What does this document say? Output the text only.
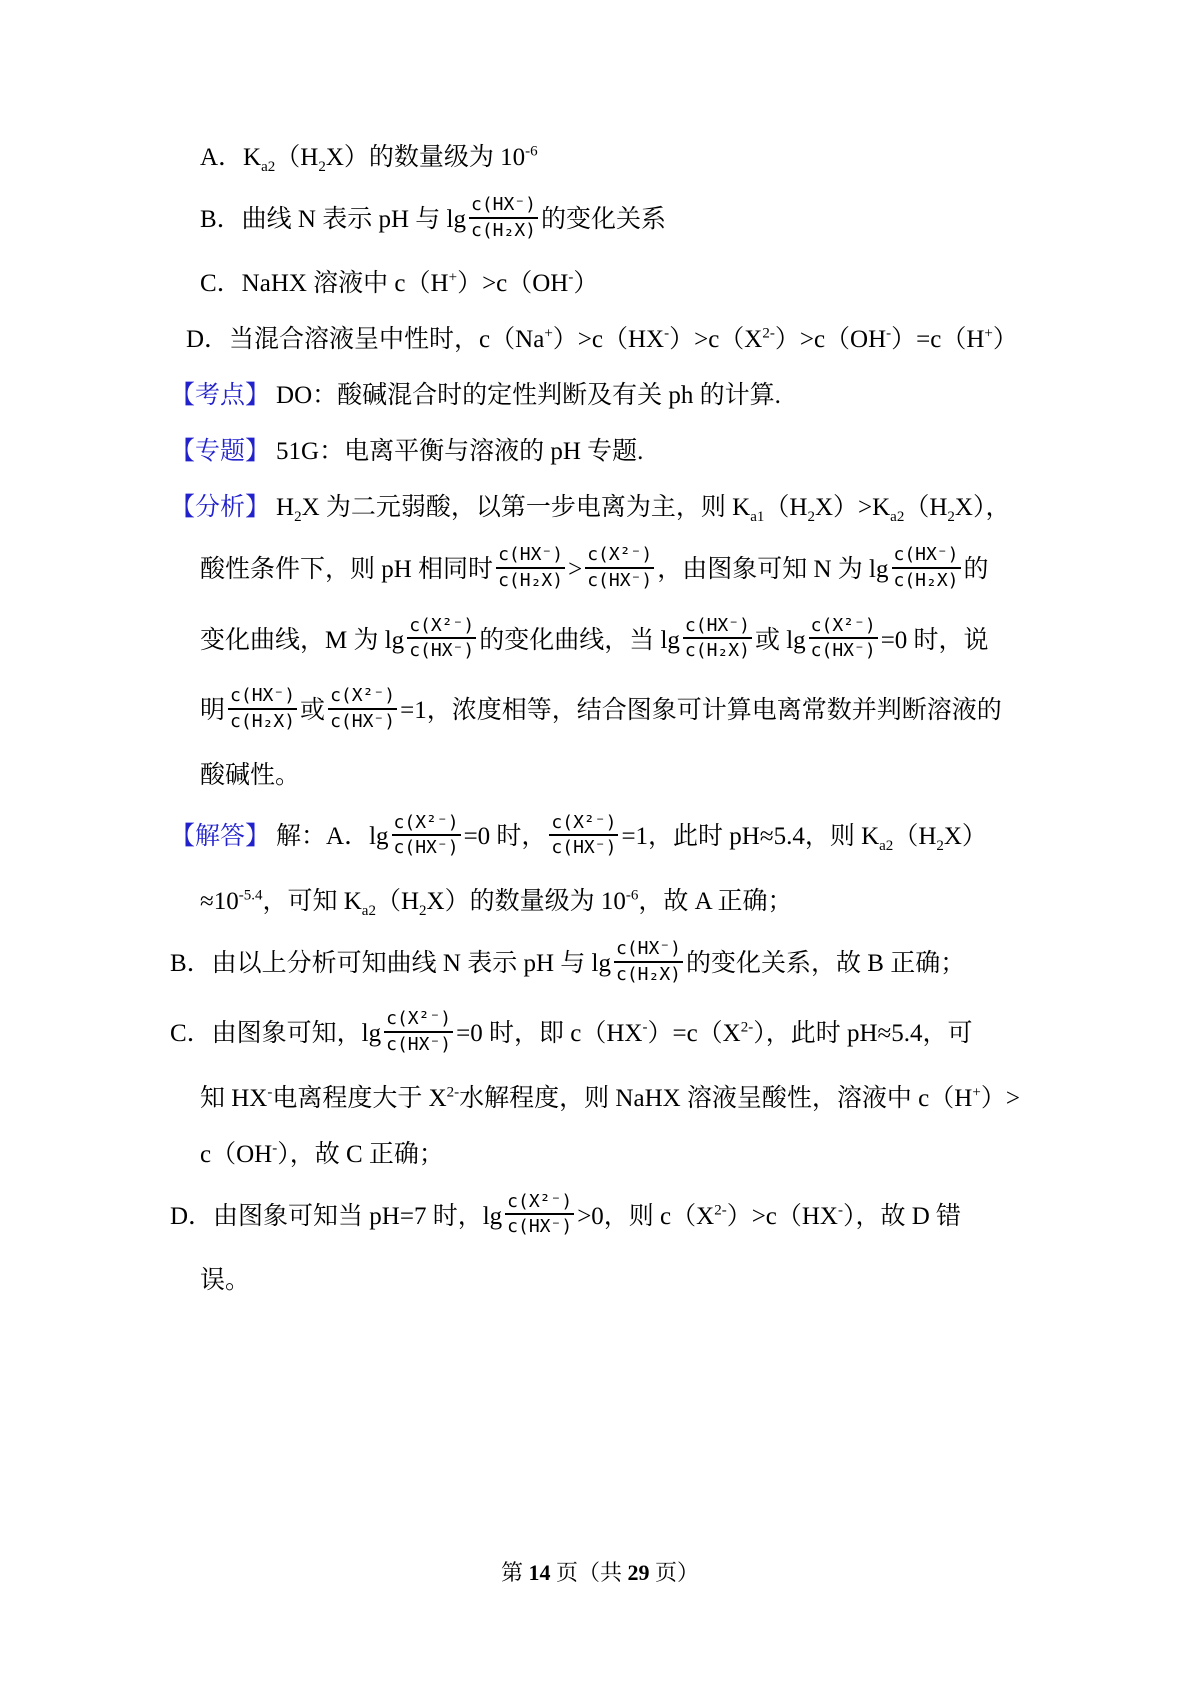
A．$K_{a2}(H_2X)$的数量级为 $10^{-6}$

B．曲线 N 表示 pH 与 $\lg \frac{c(HX^-)}{\text{c(H₂X)}}$ 的变化关系

C．NaHX 溶液中 c（H+）>c（OH-）

D．当混合溶液呈中性时，$c(Na^+)>c(HX^-)>c(X^{2-})>c(OH^-)=c(H^+)$

【考点】 DO：酸碱混合时的定性判断及有关 ph 的计算.

【专题】 51G：电离平衡与溶液的 pH 专题.

【分析】 $H_2X$ 为二元弱酸，以第一步电离为主，则 $K_{a1}(H_2X)>K_{a2}(H_2X)$，

酸性条件下，则 pH 相同时 $\frac{c(HX^-)}{\text{c(H₂X)}} > \frac{\text{c(X²⁻)}}{c(HX^-)}$ ，由图象可知 N 为 $\lg \frac{c(HX^-)}{\text{c(H₂X)}}$ 的

变化曲线，M 为 $\lg \frac{\text{c(X²⁻)}}{c(HX^-)}$ 的变化曲线，当 $\lg \frac{c(HX^-)}{\text{c(H₂X)}}$ 或 $\lg \frac{\text{c(X²⁻)}}{c(HX^-)} =0$ 时，说

明 $\frac{c(HX^-)}{\text{c(H₂X)}}$ 或 $\frac{\text{c(X²⁻)}}{c(HX^-)} =1$，浓度相等，结合图象可计算电离常数并判断溶液的

酸碱性。

【解答】 解：A．$\lg \frac{\text{c(X²⁻)}}{c(HX^-)} =0$ 时， $\frac{\text{c(X²⁻)}}{c(HX^-)} =1$，此时 pH≈5.4，则 $K_{a2}(H_2X)$

$\approx 10^{-5.4}$，可知 $K_{a2}(H_2X)$的数量级为 $10^{-6}$，故 A 正确；

B．由以上分析可知曲线 N 表示 pH 与 $\lg \frac{c(HX^-)}{\text{c(H₂X)}}$ 的变化关系，故 B 正确；

C．由图象可知，$\lg \frac{\text{c(X²⁻)}}{c(HX^-)} =0$ 时，即 $c(HX^-)=c(X^{2-})$，此时 pH≈5.4，可

知 HX-电离程度大于 $X^{2-}$水解程度，则 NaHX 溶液呈酸性，溶液中 c（H+）>

c（OH-），故 C 正确；

D．由图象可知当 pH=7 时，$\lg \frac{\text{c(X²⁻)}}{c(HX^-)} >0$，则 $c(X^{2-})>c(HX^-)$，故 D 错

误。

第 14 页（共 29 页）
